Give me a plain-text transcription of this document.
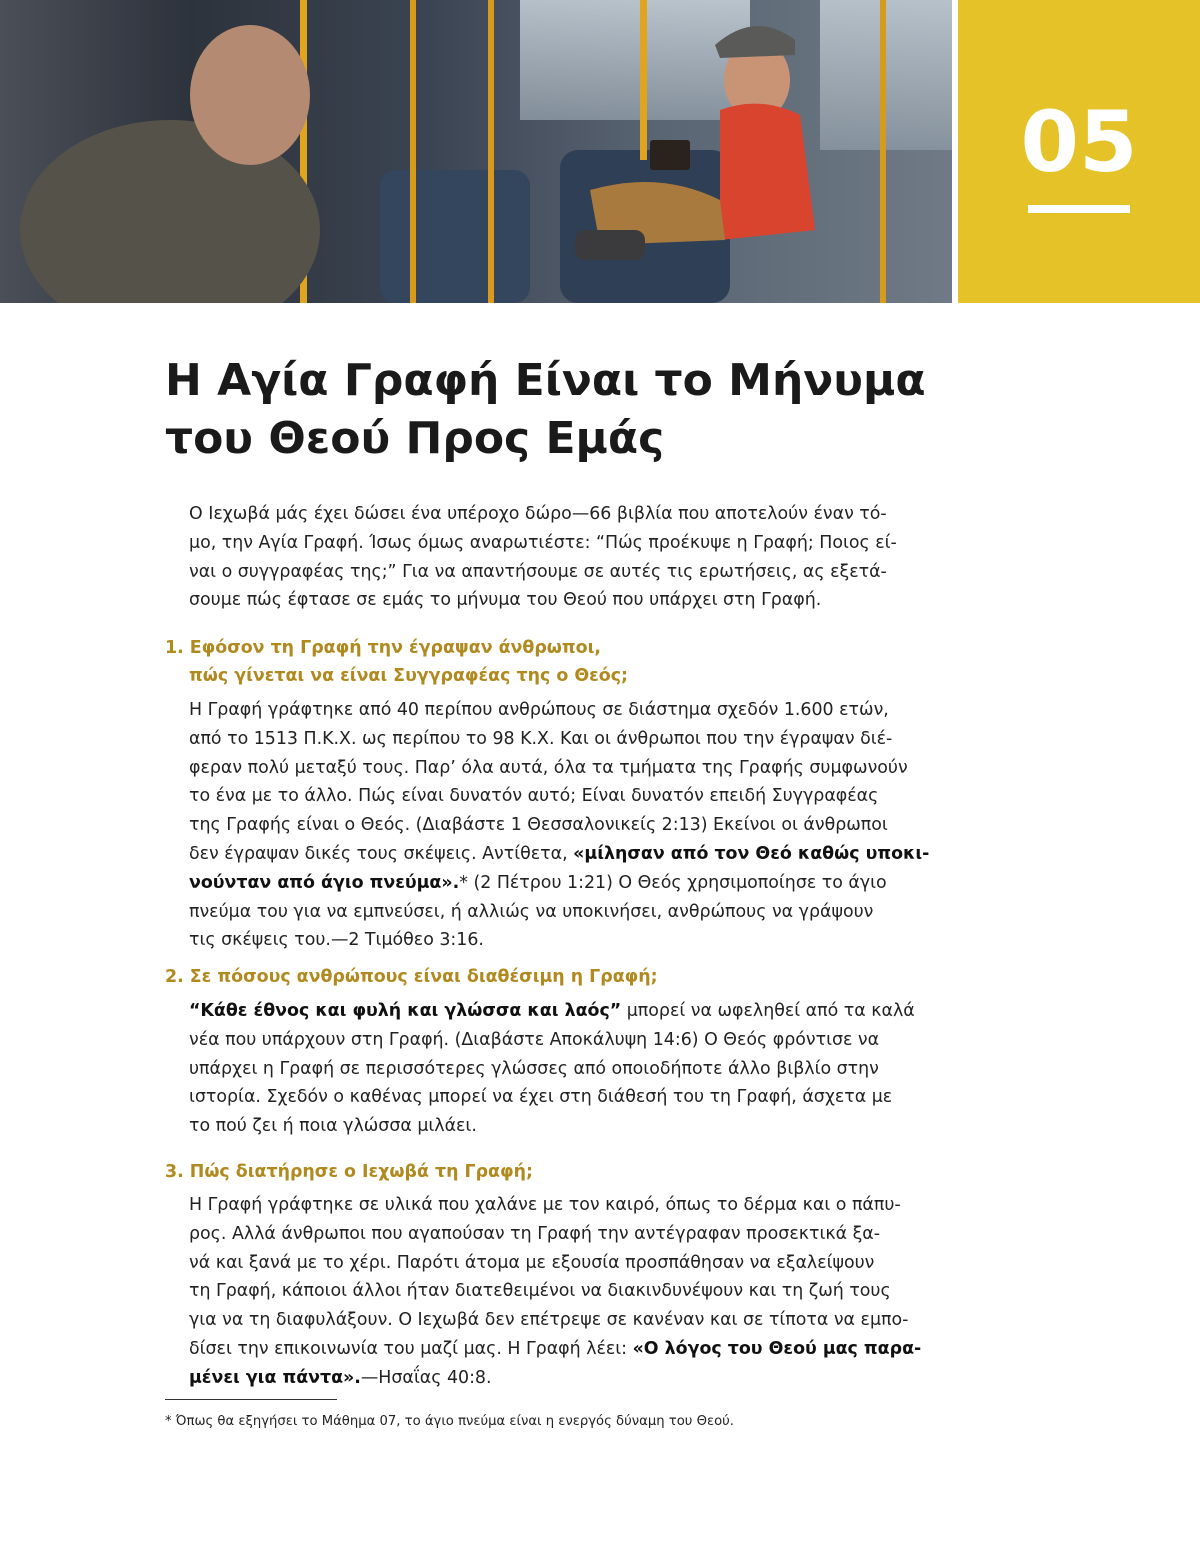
05
Η Αγία Γραφή Είναι το Μήνυμα
του Θεού Προς Εμάς

Ο Ιεχωβά μάς έχει δώσει ένα υπέροχο δώρο—66 βιβλία που αποτελούν έναν τό-
μο, την Αγία Γραφή. Ίσως όμως αναρωτιέστε: “Πώς προέκυψε η Γραφή; Ποιος εί-
ναι ο συγγραφέας της;” Για να απαντήσουμε σε αυτές τις ερωτήσεις, ας εξετά-
σουμε πώς έφτασε σε εμάς το μήνυμα του Θεού που υπάρχει στη Γραφή.

1. Εφόσον τη Γραφή την έγραψαν άνθρωποι,
πώς γίνεται να είναι Συγγραφέας της ο Θεός;

Η Γραφή γράφτηκε από 40 περίπου ανθρώπους σε διάστημα σχεδόν 1.600 ετών,
από το 1513 Π.Κ.Χ. ως περίπου το 98 Κ.Χ. Και οι άνθρωποι που την έγραψαν διέ-
φεραν πολύ μεταξύ τους. Παρ’ όλα αυτά, όλα τα τμήματα της Γραφής συμφωνούν
το ένα με το άλλο. Πώς είναι δυνατόν αυτό; Είναι δυνατόν επειδή Συγγραφέας
της Γραφής είναι ο Θεός. (Διαβάστε 1 Θεσσαλονικείς 2:13) Εκείνοι οι άνθρωποι
δεν έγραψαν δικές τους σκέψεις. Αντίθετα, «μίλησαν από τον Θεό καθώς υποκι-
νούνταν από άγιο πνεύμα».* (2 Πέτρου 1:21) Ο Θεός χρησιμοποίησε το άγιο
πνεύμα του για να εμπνεύσει, ή αλλιώς να υποκινήσει, ανθρώπους να γράψουν
τις σκέψεις του.—2 Τιμόθεο 3:16.

2. Σε πόσους ανθρώπους είναι διαθέσιμη η Γραφή;

“Κάθε έθνος και φυλή και γλώσσα και λαός” μπορεί να ωφεληθεί από τα καλά
νέα που υπάρχουν στη Γραφή. (Διαβάστε Αποκάλυψη 14:6) Ο Θεός φρόντισε να
υπάρχει η Γραφή σε περισσότερες γλώσσες από οποιοδήποτε άλλο βιβλίο στην
ιστορία. Σχεδόν ο καθένας μπορεί να έχει στη διάθεσή του τη Γραφή, άσχετα με
το πού ζει ή ποια γλώσσα μιλάει.

3. Πώς διατήρησε ο Ιεχωβά τη Γραφή;

Η Γραφή γράφτηκε σε υλικά που χαλάνε με τον καιρό, όπως το δέρμα και ο πάπυ-
ρος. Αλλά άνθρωποι που αγαπούσαν τη Γραφή την αντέγραφαν προσεκτικά ξα-
νά και ξανά με το χέρι. Παρότι άτομα με εξουσία προσπάθησαν να εξαλείψουν
τη Γραφή, κάποιοι άλλοι ήταν διατεθειμένοι να διακινδυνέψουν και τη ζωή τους
για να τη διαφυλάξουν. Ο Ιεχωβά δεν επέτρεψε σε κανέναν και σε τίποτα να εμπο-
δίσει την επικοινωνία του μαζί μας. Η Γραφή λέει: «Ο λόγος του Θεού μας παρα-
μένει για πάντα».—Ησαΐας 40:8.

* Όπως θα εξηγήσει το Μάθημα 07, το άγιο πνεύμα είναι η ενεργός δύναμη του Θεού.
